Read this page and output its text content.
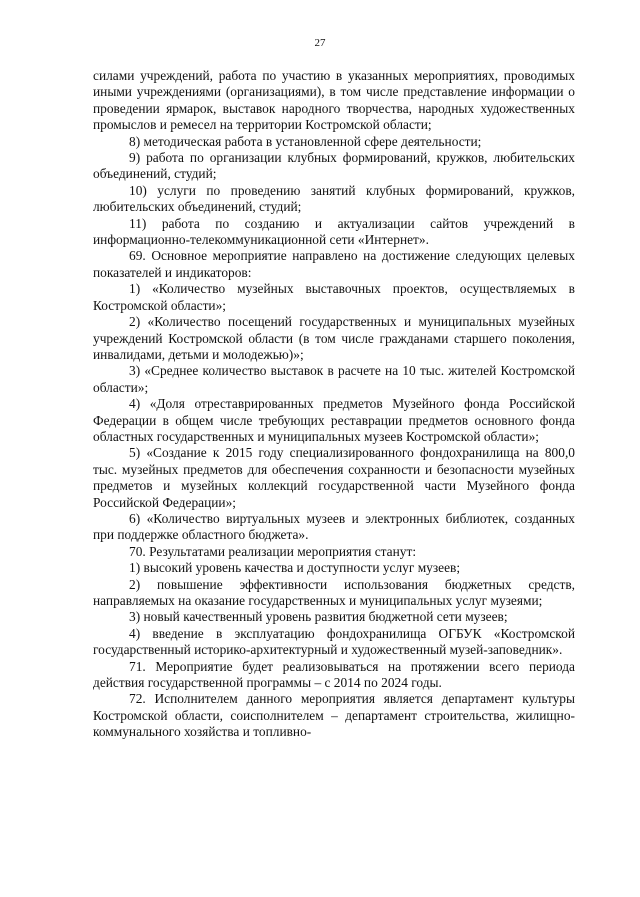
27

силами учреждений, работа по участию в указанных мероприятиях, проводимых иными учреждениями (организациями), в том числе представление информации о проведении ярмарок, выставок народного творчества, народных художественных промыслов и ремесел на территории Костромской области;

8) методическая работа в установленной сфере деятельности;

9) работа по организации клубных формирований, кружков, любительских объединений, студий;

10) услуги по проведению занятий клубных формирований, кружков, любительских объединений, студий;

11) работа по созданию и актуализации сайтов учреждений в информационно-телекоммуникационной сети «Интернет».

69. Основное мероприятие направлено на достижение следующих целевых показателей и индикаторов:

1) «Количество музейных выставочных проектов, осуществляемых в Костромской области»;

2) «Количество посещений государственных и муниципальных музейных учреждений Костромской области (в том числе гражданами старшего поколения, инвалидами, детьми и молодежью)»;

3) «Среднее количество выставок в расчете на 10 тыс. жителей Костромской области»;

4) «Доля отреставрированных предметов Музейного фонда Российской Федерации в общем числе требующих реставрации предметов основного фонда областных государственных и муниципальных музеев Костромской области»;

5) «Создание к 2015 году специализированного фондохранилища на 800,0 тыс. музейных предметов для обеспечения сохранности и безопасности музейных предметов и музейных коллекций государственной части Музейного фонда Российской Федерации»;

6) «Количество виртуальных музеев и электронных библиотек, созданных при поддержке областного бюджета».

70. Результатами реализации мероприятия станут:

1) высокий уровень качества и доступности услуг музеев;

2) повышение эффективности использования бюджетных средств, направляемых на оказание государственных и муниципальных услуг музеями;

3) новый качественный уровень развития бюджетной сети музеев;

4) введение в эксплуатацию фондохранилища ОГБУК «Костромской государственный историко-архитектурный и художественный музей-заповедник».

71. Мероприятие будет реализовываться на протяжении всего периода действия государственной программы – с 2014 по 2024 годы.

72. Исполнителем данного мероприятия является департамент культуры Костромской области, соисполнителем – департамент строительства, жилищно-коммунального хозяйства и топливно-
